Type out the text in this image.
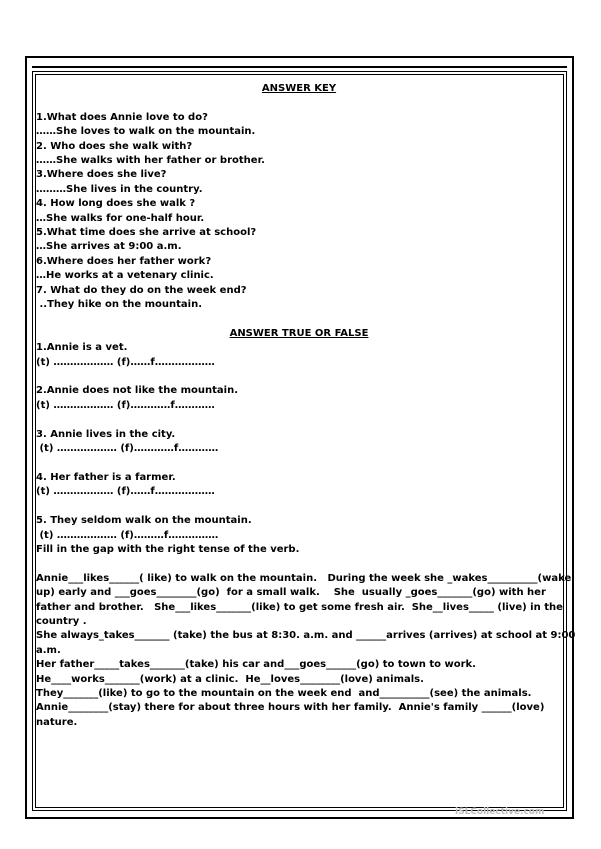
ANSWER KEY

1.What does Annie love to do?

……She loves to walk on the mountain.

2. Who does she walk with?

……She walks with her father or brother.

3.Where does she live?

………She lives in the country.

4. How long does she walk ?

…She walks for one-half hour.

5.What time does she arrive at school?

…She arrives at 9:00 a.m.

6.Where does her father work?

…He works at a vetenary clinic.

7. What do they do on the week end?

..They hike on the mountain.

ANSWER TRUE OR FALSE

1.Annie is a vet.

(t) ……………… (f)……f………………

2.Annie does not like the mountain.

(t) ……………… (f)…………f…………

3. Annie lives in the city.

(t) ……………… (f)…………f…………

4. Her father is a farmer.

(t) ……………… (f)……f………………

5. They seldom walk on the mountain.

(t) ……………… (f)………f……………

Fill in the gap with the right tense of the verb.

Annie___likes______( like) to walk on the mountain.   During the week she _wakes__________(wake

up) early and ___goes________(go)  for a small walk.    She  usually _goes_______(go) with her

father and brother.   She___likes_______(like) to get some fresh air.  She__lives_____ (live) in the

country .

She always_takes_______ (take) the bus at 8:30. a.m. and ______arrives (arrives) at school at 9:00

a.m.

Her father_____takes_______(take) his car and___goes______(go) to town to work.

He____works_______(work) at a clinic.  He__loves________(love) animals.

They_______(like) to go to the mountain on the week end  and__________(see) the animals.

Annie________(stay) there for about three hours with her family.  Annie's family ______(love)

nature.

iSLCollective.com
